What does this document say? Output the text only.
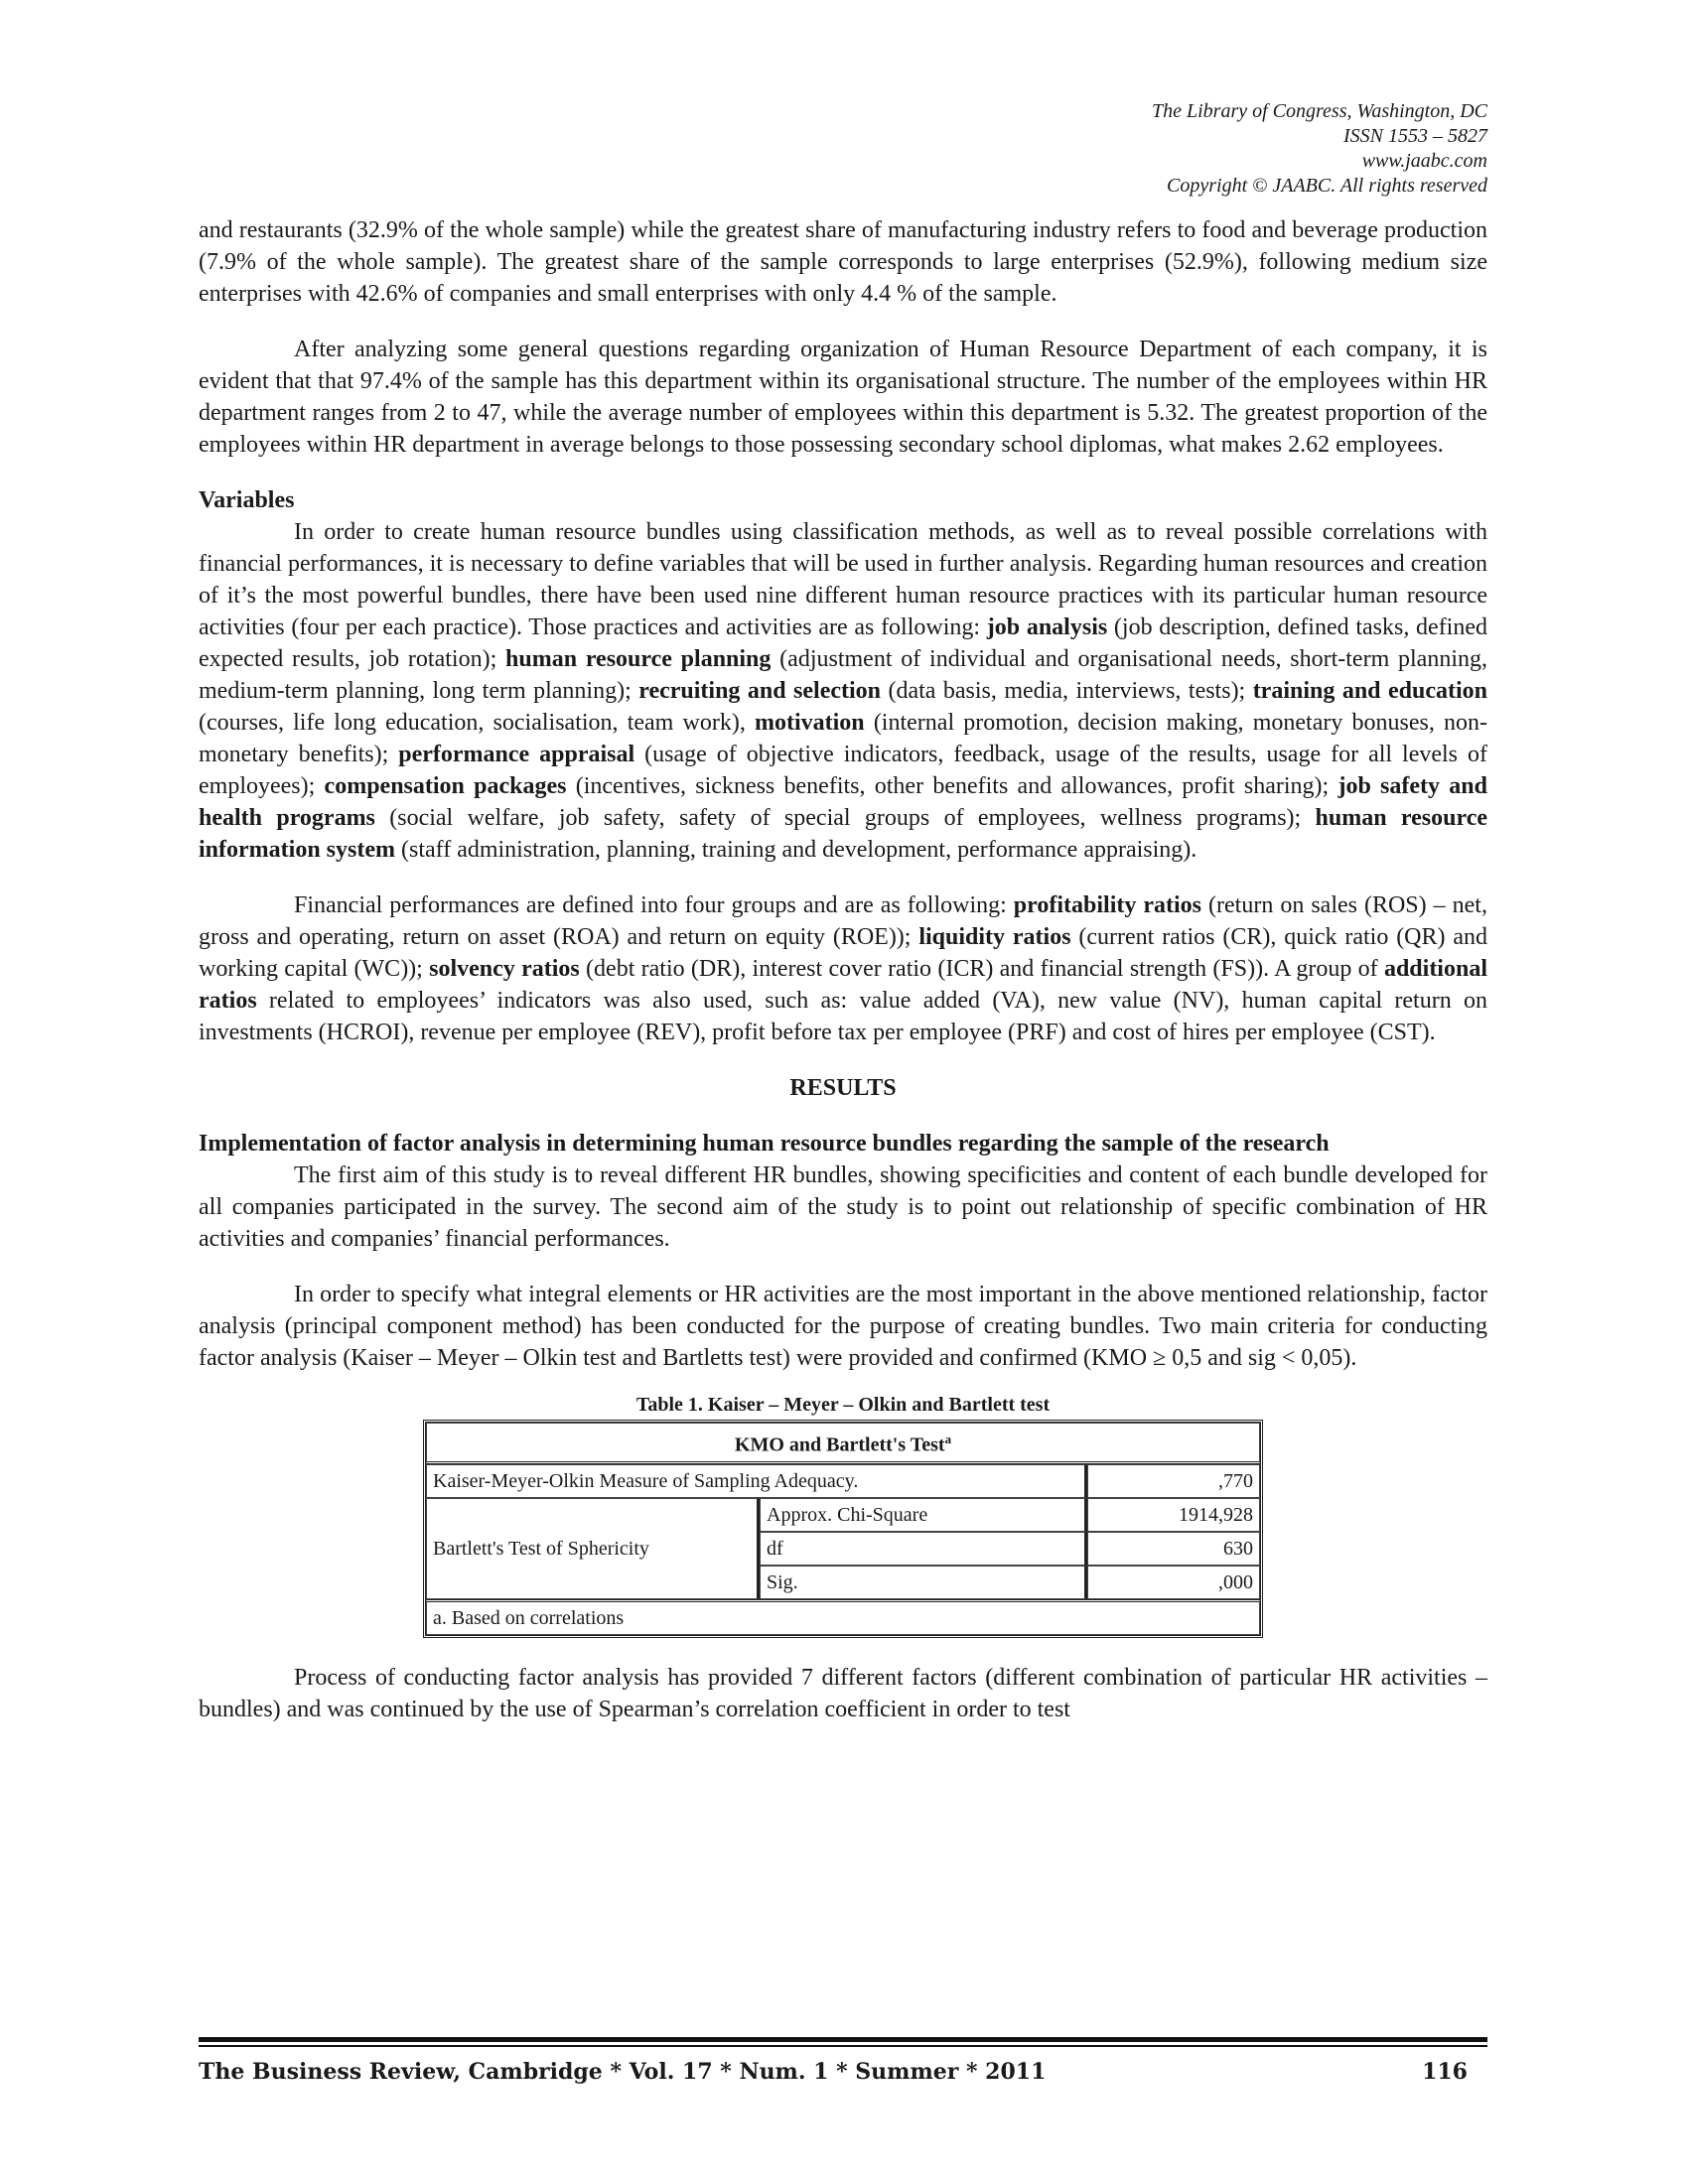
The Library of Congress, Washington, DC
ISSN 1553 – 5827
www.jaabc.com
Copyright © JAABC. All rights reserved

and restaurants (32.9% of the whole sample) while the greatest share of manufacturing industry refers to food and beverage production (7.9% of the whole sample). The greatest share of the sample corresponds to large enterprises (52.9%), following medium size enterprises with 42.6% of companies and small enterprises with only 4.4 % of the sample.

After analyzing some general questions regarding organization of Human Resource Department of each company, it is evident that that 97.4% of the sample has this department within its organisational structure. The number of the employees within HR department ranges from 2 to 47, while the average number of employees within this department is 5.32. The greatest proportion of the employees within HR department in average belongs to those possessing secondary school diplomas, what makes 2.62 employees.

Variables

In order to create human resource bundles using classification methods, as well as to reveal possible correlations with financial performances, it is necessary to define variables that will be used in further analysis. Regarding human resources and creation of it’s the most powerful bundles, there have been used nine different human resource practices with its particular human resource activities (four per each practice). Those practices and activities are as following: job analysis (job description, defined tasks, defined expected results, job rotation); human resource planning (adjustment of individual and organisational needs, short-term planning, medium-term planning, long term planning); recruiting and selection (data basis, media, interviews, tests); training and education (courses, life long education, socialisation, team work), motivation (internal promotion, decision making, monetary bonuses, non-monetary benefits); performance appraisal (usage of objective indicators, feedback, usage of the results, usage for all levels of employees); compensation packages (incentives, sickness benefits, other benefits and allowances, profit sharing); job safety and health programs (social welfare, job safety, safety of special groups of employees, wellness programs); human resource information system (staff administration, planning, training and development, performance appraising).

Financial performances are defined into four groups and are as following: profitability ratios (return on sales (ROS) – net, gross and operating, return on asset (ROA) and return on equity (ROE)); liquidity ratios (current ratios (CR), quick ratio (QR) and working capital (WC)); solvency ratios (debt ratio (DR), interest cover ratio (ICR) and financial strength (FS)). A group of additional ratios related to employees’ indicators was also used, such as: value added (VA), new value (NV), human capital return on investments (HCROI), revenue per employee (REV), profit before tax per employee (PRF) and cost of hires per employee (CST).

RESULTS

Implementation of factor analysis in determining human resource bundles regarding the sample of the research

The first aim of this study is to reveal different HR bundles, showing specificities and content of each bundle developed for all companies participated in the survey. The second aim of the study is to point out relationship of specific combination of HR activities and companies’ financial performances.

In order to specify what integral elements or HR activities are the most important in the above mentioned relationship, factor analysis (principal component method) has been conducted for the purpose of creating bundles. Two main criteria for conducting factor analysis (Kaiser – Meyer – Olkin test and Bartletts test) were provided and confirmed (KMO ≥ 0,5 and sig < 0,05).

Table 1. Kaiser – Meyer – Olkin and Bartlett test
KMO and Bartlett's Test$^a$
Kaiser-Meyer-Olkin Measure of Sampling Adequacy.		,770
Bartlett's Test of Sphericity	Approx. Chi-Square	1914,928
	df	630
	Sig.	,000
a. Based on correlations		

Process of conducting factor analysis has provided 7 different factors (different combination of particular HR activities – bundles) and was continued by the use of Spearman’s correlation coefficient in order to test

The Business Review, Cambridge * Vol. 17 * Num. 1 * Summer * 2011	116
